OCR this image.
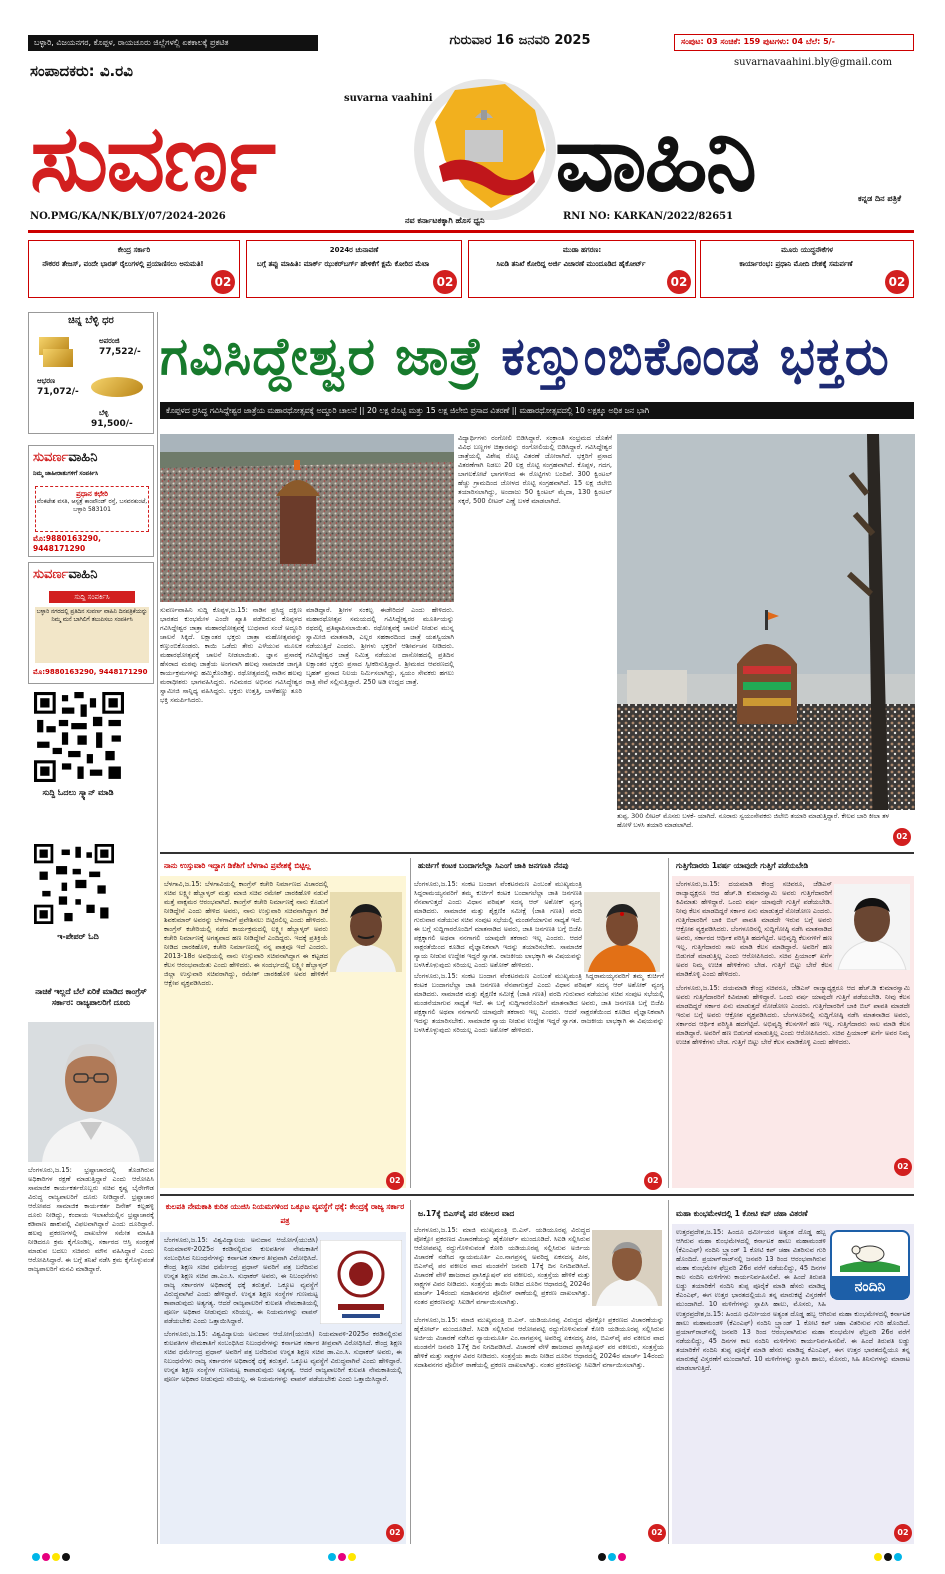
ಬಳ್ಳಾರಿ, ವಿಜಯನಗರ, ಕೊಪ್ಪಳ, ರಾಯಚೂರು ಜಿಲ್ಲೆಗಳಲ್ಲಿ ಏಕಕಾಲಕ್ಕೆ ಪ್ರಕಟಿತ	ಗುರುವಾರ 16 ಜನವರಿ 2025	ಸಂಪುಟ: 03 ಸಂಚಿಕೆ: 159 ಪುಟಗಳು: 04 ಬೆಲೆ: 5/-
suvarnavaahini.bly@gmail.com
ಸಂಪಾದಕರು: ವಿ.ರವಿ
suvarna vaahini
ಸುವರ್ಣ	ವಾಹಿನಿ	ಕನ್ನಡ ದಿನ ಪತ್ರಿಕೆ
NO.PMG/KA/NK/BLY/07/2024-2026	ನವ ಕರ್ನಾಟಕಕ್ಕಾಗಿ ಹೊಸ ಧ್ವನಿ	RNI NO: KARKAN/2022/82651
ಕೇಂದ್ರ ಸರ್ಕಾರಿ
ನೌಕರರ ತೇಜಸ್, ವಂದೇ ಭಾರತ್ ರೈಲುಗಳಲ್ಲಿ ಪ್ರಯಾಣಿಸಲು ಅನುಮತಿ!
02
2024ರ ಚುನಾವಣೆ
ಬಗ್ಗೆ ತಪ್ಪು ಮಾಹಿತಿ: ಮಾರ್ಕ್ ಝುಕರ್‌ಬರ್ಗ್ ಹೇಳಿಕೆಗೆ ಕ್ಷಮೆ ಕೋರಿದ ಮೆಟಾ
02
ಮುಡಾ ಹಗರಣ:
ಸಿಐಡಿ ತನಿಖೆ ಕೋರಿದ್ದ ಅರ್ಜಿ ವಿಚಾರಣೆ ಮುಂದೂಡಿದ ಹೈಕೋರ್ಟ್
02
ಮೂರು ಯುದ್ಧನೌಕೆಗಳ
ಕಾರ್ಯಾರಂಭ: ಪ್ರಧಾನಿ ಮೋದಿ ದೇಶಕ್ಕೆ ಸಮರ್ಪಣೆ
02
ಚಿನ್ನ ಬೆಳ್ಳಿ ಧರ
ಅಪರಂಜಿ
77,522/-
ಆಭರಣ
71,072/-
ಬೆಳ್ಳಿ
91,500/-
ಸುವರ್ಣವಾಹಿನಿ
ನಿಮ್ಮ ಜಾಹೀರಾತುಗಳಿಗೆ ಸಂಪರ್ಕಿಸಿ
ಪ್ರಧಾನ ಕಛೇರಿ
ವೆಂಕಟೇಶ ವಸತಿ, ಆಸ್ಪತ್ರೆ ಕಾಂಪೌಂಡ್ ರಸ್ತೆ, ಬಸವನಕುಂಟೆ, ಬಳ್ಳಾರಿ 583101
ಮೊ:9880163290, 9448171290
ಸುವರ್ಣವಾಹಿನಿ
ಸುದ್ದಿ ಸಂಪರ್ಕಿಸಿ
ಬಳ್ಳಾರಿ ನಗರದಲ್ಲಿ ಪ್ರತಿದಿನ ಸುವರ್ಣ ವಾಹಿನಿ ದಿನಪತ್ರಿಕೆಯನ್ನು ನಿಮ್ಮ ಮನೆ ಬಾಗಿಲಿಗೆ ತಲುಪಿಸಲು ಸಂಪರ್ಕಿಸಿ
ಮೊ:9880163290, 9448171290
ಸುದ್ದಿ ಓದಲು ಸ್ಕ್ಯಾನ್ ಮಾಡಿ
ಇ-ಪೇಪರ್ ಓದಿ
ನಾಚಿಕೆ ಇಲ್ಲದೆ ಬೆಲೆ ಏರಿಕೆ ಮಾಡಿದ ಕಾಂಗ್ರೆಸ್ ಸರ್ಕಾರ: ರಾಜ್ಯಪಾಲರಿಗೆ ದೂರು
ಬೆಂಗಳೂರು,ಜ.15: ಭ್ರಷ್ಟಾಚಾರದಲ್ಲಿ ತೊಡಗಿರುವ ಅಧಿಕಾರಿಗಳ ರಕ್ಷಣೆ ಮಾಡುತ್ತಿದ್ದಾರೆ ಎಂದು ಆರೋಪಿಸಿ ಸಾಮಾಜಿಕ ಕಾರ್ಯಕರ್ತರೊಬ್ಬರು ಸಚಿವ ಕೃಷ್ಣ ಬೈರೇಗೌಡ ವಿರುದ್ಧ ರಾಜ್ಯಪಾಲರಿಗೆ ದೂರು ನೀಡಿದ್ದಾರೆ. ಭ್ರಷ್ಟಾಚಾರ ಆರೋಪದ ಸಾಮಾಜಿಕ ಕಾರ್ಯಕರ್ತ ದಿನೇಶ್ ಕಲ್ಲಹಳ್ಳಿ ದೂರು ನೀಡಿದ್ದು, ಕಂದಾಯ ಇಲಾಖೆಯಲ್ಲಿನ ಭ್ರಷ್ಟಾಚಾರಕ್ಕೆ ಕಡಿವಾಣ ಹಾಕುವಲ್ಲಿ ವಿಫಲವಾಗಿದ್ದಾರೆ ಎಂದು ದೂರಿದ್ದಾರೆ. ಹಲವು ಪ್ರಕರಣಗಳಲ್ಲಿ ದಾಖಲೆಗಳ ಸಮೇತ ಮಾಹಿತಿ ನೀಡಿದರೂ ಕ್ರಮ ಕೈಗೊಂಡಿಲ್ಲ. ಸರ್ಕಾರದ ಆಸ್ತಿ ಸಂರಕ್ಷಣೆ ಮಾಡುವ ಬದಲು ಸಚಿವರು ಮೌನ ವಹಿಸಿದ್ದಾರೆ ಎಂದು ಆರೋಪಿಸಿದ್ದಾರೆ. ಈ ಬಗ್ಗೆ ತನಿಖೆ ನಡೆಸಿ ಕ್ರಮ ಕೈಗೊಳ್ಳುವಂತೆ ರಾಜ್ಯಪಾಲರಿಗೆ ಮನವಿ ಮಾಡಿದ್ದಾರೆ.
ಗವಿಸಿದ್ದೇಶ್ವರ ಜಾತ್ರೆ ಕಣ್ತುಂಬಿಕೊಂಡ ಭಕ್ತರು
ಕೊಪ್ಪಳದ ಪ್ರಸಿದ್ಧ ಗವಿಸಿದ್ದೇಶ್ವರ ಜಾತ್ರೆಯ ಮಹಾರಥೋತ್ಸವಕ್ಕೆ ಅದ್ದೂರಿ ಚಾಲನೆ || 20 ಲಕ್ಷ ರೊಟ್ಟಿ ಮತ್ತು 15 ಲಕ್ಷ ಜಿಲೇಬಿ ಪ್ರಸಾದ ವಿತರಣೆ || ಮಹಾರಥೋತ್ಸವದಲ್ಲಿ 10 ಲಕ್ಷಕ್ಕೂ ಅಧಿಕ ಜನ ಭಾಗಿ
ಸುವರ್ಣವಾಹಿನಿ ಸುದ್ದಿ ಕೊಪ್ಪಳ,ಜ.15: ನಾಡಿನ ಪ್ರಸಿದ್ಧ ದಕ್ಷಿಣ ಭಾರತದ ಕುಂಭಮೇಳ ಎಂದೇ ಖ್ಯಾತಿ ಪಡೆದಿರುವ ಕೊಪ್ಪಳದ ಗವಿಸಿದ್ದೇಶ್ವರ ಜಾತ್ರಾ ಮಹಾರಥೋತ್ಸವಕ್ಕೆ ಬುಧವಾರ ಸಂಜೆ ಅದ್ದೂರಿ ಚಾಲನೆ ಸಿಕ್ಕಿದೆ. ಲಕ್ಷಾಂತರ ಭಕ್ತರು ಜಾತ್ರಾ ಮಹೋತ್ಸವವನ್ನು ಕಣ್ತುಂಬಿಕೊಂಡರು. ಕಾಯಿ ಒಡೆದು ತೇರು ಎಳೆಯುವ ಮೂಲಕ ಮಹಾರಥೋತ್ಸವಕ್ಕೆ ಚಾಲನೆ ನೀಡಲಾಯಿತು. ಜ್ಞಾನ ಪ್ರಸಾರಕ್ಕೆ ಹೆಸರಾದ ಮಠವು ಜಾತ್ರೆಯ ಅಂಗವಾಗಿ ಹಲವು ಸಾಮಾಜಿಕ ಜಾಗೃತಿ ಕಾರ್ಯಕ್ರಮಗಳನ್ನು ಹಮ್ಮಿಕೊಂಡಿತ್ತು. ರಥೋತ್ಸವದಲ್ಲಿ ನಾಡಿನ ಹಲವು ಮಠಾಧೀಶರು ಭಾಗವಹಿಸಿದ್ದರು. ಗವಿಮಠದ ಅಭಿನವ ಗವಿಸಿದ್ಧೇಶ್ವರ ಸ್ವಾಮೀಜಿ ಸಾನ್ನಿಧ್ಯ ವಹಿಸಿದ್ದರು. ಭಕ್ತರು ಉತ್ತತ್ತಿ, ಬಾಳೆಹಣ್ಣು ತೂರಿ ಭಕ್ತಿ ಸಮರ್ಪಿಸಿದರು.
ಮಾಡಿದ್ದಾರೆ. ಶ್ರೀಗಳ ಸಂಕಲ್ಪ ಈಡೇರಿದರೆ ಎಂದು ಹೇಳಿದರು. ಮಹಾರಥೋತ್ಸವ ಸಮಯದಲ್ಲಿ ಗವಿಸಿದ್ದೇಶ್ವರರ ಮೂರ್ತಿಯನ್ನು ರಥದಲ್ಲಿ ಪ್ರತಿಷ್ಠಾಪಿಸಲಾಯಿತು. ರಥೋತ್ಸವಕ್ಕೆ ಚಾಲನೆ ನೀಡುವ ಮುನ್ನ ಸ್ವಾಮೀಜಿ ಮಾತನಾಡಿ, ಎಲ್ಲರ ಸಹಕಾರದಿಂದ ಜಾತ್ರೆ ಯಶಸ್ವಿಯಾಗಿ ನಡೆಯುತ್ತಿದೆ ಎಂದರು. ಶ್ರೀಗಳು ಭಕ್ತರಿಗೆ ಆಶೀರ್ವಚನ ನೀಡಿದರು. ಗವಿಸಿದ್ದೇಶ್ವರ ಜಾತ್ರೆ ನಿಮಿತ್ತ ನಡೆಯುವ ದಾಸೋಹದಲ್ಲಿ ಪ್ರತಿದಿನ ಲಕ್ಷಾಂತರ ಭಕ್ತರು ಪ್ರಸಾದ ಸ್ವೀಕರಿಸುತ್ತಿದ್ದಾರೆ. ಶ್ರೀಮಠದ ಆವರಣದಲ್ಲಿ ಬೃಹತ್ ಪ್ರಸಾದ ನಿಲಯ ನಿರ್ಮಿಸಲಾಗಿದ್ದು, ಸ್ವಯಂ ಸೇವಕರು ಹಗಲು ರಾತ್ರಿ ಸೇವೆ ಸಲ್ಲಿಸುತ್ತಿದ್ದಾರೆ. 250 ಅಡಿ ಉದ್ದದ ಜಾತ್ರೆ.
ವಿದ್ಯಾರ್ಥಿಗಳು ರಂಗೋಲಿ ಬಿಡಿಸಿದ್ದಾರೆ. ಸಂಕ್ರಾಂತಿ ಸಂಭ್ರಮದ ಜೊತೆಗೆ ವಿವಿಧ ಬಣ್ಣಗಳ ಚಿತ್ತಾರವನ್ನು ರಂಗೋಲಿಯಲ್ಲಿ ಬಿಡಿಸಿದ್ದಾರೆ. ಗವಿಸಿದ್ದೇಶ್ವರ ಜಾತ್ರೆಯಲ್ಲಿ ವಿಶೇಷ ರೊಟ್ಟಿ ವಿತರಣೆ ಜೋರಾಗಿದೆ. ಭಕ್ತರಿಗೆ ಪ್ರಸಾದ ವಿತರಣೆಗಾಗಿ ನಿಡಲು 20 ಲಕ್ಷ ರೊಟ್ಟಿ ಸಂಗ್ರಹವಾಗಿದೆ. ಕೊಪ್ಪಳ, ಗದಗ, ಬಾಗಲಕೋಟೆ ಭಾಗಗಳಿಂದ ಈ ರೊಟ್ಟಿಗಳು ಬಂದಿವೆ. 300 ಕ್ವಿಂಟಲ್ ಹೆಚ್ಚು ಗ್ರಾಮದಿಂದ ಜೋಳದ ರೊಟ್ಟಿ ಸಂಗ್ರಹವಾಗಿದೆ. 15 ಲಕ್ಷ ಜಿಲೇಬಿ ತಯಾರಿಸಲಾಗಿದ್ದು, ಅಂದಾಜು 50 ಕ್ವಿಂಟಲ್ ಮೈದಾ, 130 ಕ್ವಿಂಟಲ್ ಸಕ್ಕರೆ, 500 ಲೀಟರ್ ಎಣ್ಣೆ ಬಳಕೆ ಮಾಡಲಾಗಿದೆ.
ತುಪ್ಪ, 300 ಲೀಟರ್ ಮೊಸರು ಬಳಕೆ- ಯಾಗಿದೆ. ನೂರಾರು ಸ್ವಯಂಸೇವಕರು ಜಿಲೇಬಿ ತಯಾರಿ ಮಾಡುತ್ತಿದ್ದಾರೆ. ಕೇಲವ ಬಾರಿ ಕೀಲಾ ತಳ ಹೋಳೆ ಬಳಸಿ ತಯಾರಿ ಮಾಡಲಾಗಿದೆ.
02
ನಾನು ಉಸ್ತುವಾರಿ ಇದ್ದಾಗ ಡಿಕೆಶಿಗೆ ಬೆಳಗಾವಿ ಪ್ರವೇಶಕ್ಕೆ ಬಿಟ್ಟಿಲ್ಲ
ಬೆಳಗಾವಿ,ಜ.15: ಬೆಳಗಾವಿಯಲ್ಲಿ ಕಾಂಗ್ರೆಸ್ ಕಚೇರಿ ನಿರ್ಮಾಣದ ವಿಚಾರದಲ್ಲಿ ಸಚಿವ ಲಕ್ಷ್ಮೀ ಹೆಬ್ಬಾಳ್ಕರ್ ಮತ್ತು ಮಾಜಿ ಸಚಿವ ರಮೇಶ್ ಜಾರಕಿಹೊಳಿ ನಡುವೆ ಮತ್ತೆ ವಾಕ್ಸಮರ ಆರಂಭವಾಗಿದೆ. ಕಾಂಗ್ರೆಸ್ ಕಚೇರಿ ನಿರ್ಮಾಣಕ್ಕೆ ನಾನು ಕೊಡುಗೆ ನೀಡಿದ್ದೇನೆ ಎಂದು ಹೇಳಿದ ಅವರು, ನಾನು ಉಸ್ತುವಾರಿ ಸಚಿವನಾಗಿದ್ದಾಗ ಡಿಕೆ ಶಿವಕುಮಾರ್ ಅವರನ್ನು ಬೆಳಗಾವಿಗೆ ಪ್ರವೇಶಿಸಲು ಬಿಟ್ಟಿರಲಿಲ್ಲ ಎಂದು ಹೇಳಿದರು. ಕಾಂಗ್ರೆಸ್ ಕಚೇರಿಯಲ್ಲಿ ನಡೆದ ಕಾರ್ಯಕ್ರಮದಲ್ಲಿ ಲಕ್ಷ್ಮೀ ಹೆಬ್ಬಾಳ್ಕರ್ ಅವರು ಕಚೇರಿ ನಿರ್ಮಾಣಕ್ಕೆ ಅಗತ್ಯವಾದ ಹಣ ನೀಡಿದ್ದೇವೆ ಎಂದಿದ್ದರು. ಇದಕ್ಕೆ ಪ್ರತಿಕ್ರಿಯೆ ನೀಡಿದ ಜಾರಕಿಹೊಳಿ, ಕಚೇರಿ ನಿರ್ಮಾಣದಲ್ಲಿ ನನ್ನ ಪಾತ್ರವೂ ಇದೆ ಎಂದರು. 2013-18ರ ಅವಧಿಯಲ್ಲಿ ನಾನು ಉಸ್ತುವಾರಿ ಸಚಿವನಾಗಿದ್ದಾಗ ಈ ಕಟ್ಟಡದ ಕೆಲಸ ಆರಂಭವಾಯಿತು ಎಂದು ಹೇಳಿದರು. ಈ ಸಂದರ್ಭದಲ್ಲಿ ಲಕ್ಷ್ಮೀ ಹೆಬ್ಬಾಳ್ಕರ್ ಜಿಲ್ಲಾ ಉಸ್ತುವಾರಿ ಸಚಿವರಾಗಿದ್ದು, ರಮೇಶ್ ಜಾರಕಿಹೊಳಿ ಅವರ ಹೇಳಿಕೆಗೆ ಆಕ್ಷೇಪ ವ್ಯಕ್ತಪಡಿಸಿದರು.
02
ಹುರ್ಚಿಗೆ ಕಂಟಕ ಬಂದಾಗಲೆಲ್ಲಾ ಸಿಎಂಗೆ ಜಾತಿ ಜನಗಣತಿ ನೆನಪು
ಬೆಂಗಳೂರು,ಜ.15: ಸಂಕಟ ಬಂದಾಗ ವೆಂಕಟರಮಣ ಎಂಬಂತೆ ಮುಖ್ಯಮಂತ್ರಿ ಸಿದ್ದರಾಮಯ್ಯನವರಿಗೆ ತಮ್ಮ ಕುರ್ಚಿಗೆ ಕಂಟಕ ಬಂದಾಗಲೆಲ್ಲಾ ಜಾತಿ ಜನಗಣತಿ ನೆನಪಾಗುತ್ತದೆ ಎಂದು ವಿಧಾನ ಪರಿಷತ್ ಸದಸ್ಯ ಆರ್ ಅಶೋಕ್ ವ್ಯಂಗ್ಯ ಮಾಡಿದರು. ಸಾಮಾಜಿಕ ಮತ್ತು ಶೈಕ್ಷಣಿಕ ಸಮೀಕ್ಷೆ (ಜಾತಿ ಗಣತಿ) ವರದಿ ಗುರುವಾರ ನಡೆಯುವ ಸಚಿವ ಸಂಪುಟ ಸಭೆಯಲ್ಲಿ ಮಂಡನೆಯಾಗುವ ಸಾಧ್ಯತೆ ಇದೆ. ಈ ಬಗ್ಗೆ ಸುದ್ದಿಗಾರರೊಂದಿಗೆ ಮಾತನಾಡಿದ ಅವರು, ಜಾತಿ ಜನಗಣತಿ ಬಗ್ಗೆ ಬಿಜೆಪಿ ಪಕ್ಷಕ್ಕಾಗಲಿ ಅಥವಾ ನನಗಾಗಲಿ ಯಾವುದೇ ತಕರಾರು ಇಲ್ಲ ಎಂದರು. ಆದರೆ ಸಾಕ್ಷರತೆಯಿಂದ ಕೂಡಿದ ವೈಜ್ಞಾನಿಕವಾಗಿ ಇದನ್ನು ತಯಾರಿಸಬೇಕು. ಸಾಮಾಜಿಕ ನ್ಯಾಯ ನೀಡುವ ಉದ್ದೇಶ ಇದ್ದರೆ ಸ್ವಾಗತ. ರಾಜಕೀಯ ಲಾಭಕ್ಕಾಗಿ ಈ ವಿಷಯವನ್ನು ಬಳಸಿಕೊಳ್ಳುವುದು ಸರಿಯಲ್ಲ ಎಂದು ಅಶೋಕ್ ಹೇಳಿದರು.
ಬೆಂಗಳೂರು,ಜ.15: ಸಂಕಟ ಬಂದಾಗ ವೆಂಕಟರಮಣ ಎಂಬಂತೆ ಮುಖ್ಯಮಂತ್ರಿ ಸಿದ್ದರಾಮಯ್ಯನವರಿಗೆ ತಮ್ಮ ಕುರ್ಚಿಗೆ ಕಂಟಕ ಬಂದಾಗಲೆಲ್ಲಾ ಜಾತಿ ಜನಗಣತಿ ನೆನಪಾಗುತ್ತದೆ ಎಂದು ವಿಧಾನ ಪರಿಷತ್ ಸದಸ್ಯ ಆರ್ ಅಶೋಕ್ ವ್ಯಂಗ್ಯ ಮಾಡಿದರು. ಸಾಮಾಜಿಕ ಮತ್ತು ಶೈಕ್ಷಣಿಕ ಸಮೀಕ್ಷೆ (ಜಾತಿ ಗಣತಿ) ವರದಿ ಗುರುವಾರ ನಡೆಯುವ ಸಚಿವ ಸಂಪುಟ ಸಭೆಯಲ್ಲಿ ಮಂಡನೆಯಾಗುವ ಸಾಧ್ಯತೆ ಇದೆ. ಈ ಬಗ್ಗೆ ಸುದ್ದಿಗಾರರೊಂದಿಗೆ ಮಾತನಾಡಿದ ಅವರು, ಜಾತಿ ಜನಗಣತಿ ಬಗ್ಗೆ ಬಿಜೆಪಿ ಪಕ್ಷಕ್ಕಾಗಲಿ ಅಥವಾ ನನಗಾಗಲಿ ಯಾವುದೇ ತಕರಾರು ಇಲ್ಲ ಎಂದರು. ಆದರೆ ಸಾಕ್ಷರತೆಯಿಂದ ಕೂಡಿದ ವೈಜ್ಞಾನಿಕವಾಗಿ ಇದನ್ನು ತಯಾರಿಸಬೇಕು. ಸಾಮಾಜಿಕ ನ್ಯಾಯ ನೀಡುವ ಉದ್ದೇಶ ಇದ್ದರೆ ಸ್ವಾಗತ. ರಾಜಕೀಯ ಲಾಭಕ್ಕಾಗಿ ಈ ವಿಷಯವನ್ನು ಬಳಸಿಕೊಳ್ಳುವುದು ಸರಿಯಲ್ಲ ಎಂದು ಅಶೋಕ್ ಹೇಳಿದರು.
02
ಗುತ್ತಿಗೆದಾರರು 1ವರ್ಷ ಯಾವುದೇ ಗುತ್ತಿಗೆ ಪಡೆಯಬೇಡಿ
ಬೆಂಗಳೂರು,ಜ.15: ದಯಮಾಡಿ ಕೇಂದ್ರ ಸಚಿವರೂ, ಜೆಡಿಎಸ್ ರಾಜ್ಯಾಧ್ಯಕ್ಷರೂ ಆದ ಹೆಚ್.ಡಿ ಕುಮಾರಸ್ವಾಮಿ ಅವರು ಗುತ್ತಿಗೆದಾರರಿಗೆ ಕಿವಿಮಾತು ಹೇಳಿದ್ದಾರೆ. ಒಂದು ವರ್ಷ ಯಾವುದೇ ಗುತ್ತಿಗೆ ಪಡೆಯಬೇಡಿ. ನೀವು ಕೆಲಸ ಮಾಡದಿದ್ದರೆ ಸರ್ಕಾರ ಏನು ಮಾಡುತ್ತದೆ ನೋಡೋಣ ಎಂದರು. ಗುತ್ತಿಗೆದಾರರಿಗೆ ಬಾಕಿ ಬಿಲ್ ಪಾವತಿ ಮಾಡದೇ ಇರುವ ಬಗ್ಗೆ ಅವರು ಆಕ್ರೋಶ ವ್ಯಕ್ತಪಡಿಸಿದರು. ಬೆಂಗಳೂರಿನಲ್ಲಿ ಸುದ್ದಿಗೋಷ್ಠಿ ನಡೆಸಿ ಮಾತನಾಡಿದ ಅವರು, ಸರ್ಕಾರದ ಆರ್ಥಿಕ ಪರಿಸ್ಥಿತಿ ಹದಗೆಟ್ಟಿದೆ. ಅಭಿವೃದ್ಧಿ ಕೆಲಸಗಳಿಗೆ ಹಣ ಇಲ್ಲ. ಗುತ್ತಿಗೆದಾರರು ಸಾಲ ಮಾಡಿ ಕೆಲಸ ಮಾಡಿದ್ದಾರೆ. ಅವರಿಗೆ ಹಣ ಬಿಡುಗಡೆ ಮಾಡುತ್ತಿಲ್ಲ ಎಂದು ಆರೋಪಿಸಿದರು. ಸಚಿವ ಪ್ರಿಯಾಂಕ್ ಖರ್ಗೆ ಅವರ ನಿಮ್ಮ ಉಚಿತ ಹೇಳಿಕೆಗಳು ಬೇಡ. ಗುತ್ತಿಗೆ ಬಿಟ್ಟು ಬೇರೆ ಕೆಲಸ ಮಾಡಿಕೊಳ್ಳಿ ಎಂದು ಹೇಳಿದರು.
ಬೆಂಗಳೂರು,ಜ.15: ದಯಮಾಡಿ ಕೇಂದ್ರ ಸಚಿವರೂ, ಜೆಡಿಎಸ್ ರಾಜ್ಯಾಧ್ಯಕ್ಷರೂ ಆದ ಹೆಚ್.ಡಿ ಕುಮಾರಸ್ವಾಮಿ ಅವರು ಗುತ್ತಿಗೆದಾರರಿಗೆ ಕಿವಿಮಾತು ಹೇಳಿದ್ದಾರೆ. ಒಂದು ವರ್ಷ ಯಾವುದೇ ಗುತ್ತಿಗೆ ಪಡೆಯಬೇಡಿ. ನೀವು ಕೆಲಸ ಮಾಡದಿದ್ದರೆ ಸರ್ಕಾರ ಏನು ಮಾಡುತ್ತದೆ ನೋಡೋಣ ಎಂದರು. ಗುತ್ತಿಗೆದಾರರಿಗೆ ಬಾಕಿ ಬಿಲ್ ಪಾವತಿ ಮಾಡದೇ ಇರುವ ಬಗ್ಗೆ ಅವರು ಆಕ್ರೋಶ ವ್ಯಕ್ತಪಡಿಸಿದರು. ಬೆಂಗಳೂರಿನಲ್ಲಿ ಸುದ್ದಿಗೋಷ್ಠಿ ನಡೆಸಿ ಮಾತನಾಡಿದ ಅವರು, ಸರ್ಕಾರದ ಆರ್ಥಿಕ ಪರಿಸ್ಥಿತಿ ಹದಗೆಟ್ಟಿದೆ. ಅಭಿವೃದ್ಧಿ ಕೆಲಸಗಳಿಗೆ ಹಣ ಇಲ್ಲ. ಗುತ್ತಿಗೆದಾರರು ಸಾಲ ಮಾಡಿ ಕೆಲಸ ಮಾಡಿದ್ದಾರೆ. ಅವರಿಗೆ ಹಣ ಬಿಡುಗಡೆ ಮಾಡುತ್ತಿಲ್ಲ ಎಂದು ಆರೋಪಿಸಿದರು. ಸಚಿವ ಪ್ರಿಯಾಂಕ್ ಖರ್ಗೆ ಅವರ ನಿಮ್ಮ ಉಚಿತ ಹೇಳಿಕೆಗಳು ಬೇಡ. ಗುತ್ತಿಗೆ ಬಿಟ್ಟು ಬೇರೆ ಕೆಲಸ ಮಾಡಿಕೊಳ್ಳಿ ಎಂದು ಹೇಳಿದರು.
02
ಕುಲಪತಿ ನೇಮಕಾತಿ ಕುರಿತ ಯುಜಿಸಿ ನಿಯಮಗಳಿಂದ ಒಕ್ಕೂಟ ವ್ಯವಸ್ಥೆಗೆ ಧಕ್ಕೆ: ಕೇಂದ್ರಕ್ಕೆ ರಾಜ್ಯ ಸರ್ಕಾರ ಪತ್ರ
ಬೆಂಗಳೂರು,ಜ.15: ವಿಶ್ವವಿದ್ಯಾಲಯ ಅನುದಾನ ಆಯೋಗ(ಯುಜಿಸಿ) ನಿಯಮಾವಳಿ-2025ರ ಕರಡಿನಲ್ಲಿರುವ ಕುಲಪತಿಗಳ ನೇಮಕಾತಿಗೆ ಸಂಬಂಧಿಸಿದ ನಿಬಂಧನೆಗಳನ್ನು ಕರ್ನಾಟಕ ಸರ್ಕಾರ ತೀವ್ರವಾಗಿ ವಿರೋಧಿಸಿದೆ. ಕೇಂದ್ರ ಶಿಕ್ಷಣ ಸಚಿವ ಧರ್ಮೇಂದ್ರ ಪ್ರಧಾನ್ ಅವರಿಗೆ ಪತ್ರ ಬರೆದಿರುವ ಉನ್ನತ ಶಿಕ್ಷಣ ಸಚಿವ ಡಾ.ಎಂ.ಸಿ. ಸುಧಾಕರ್ ಅವರು, ಈ ನಿಬಂಧನೆಗಳು ರಾಜ್ಯ ಸರ್ಕಾರಗಳ ಅಧಿಕಾರಕ್ಕೆ ಧಕ್ಕೆ ತರುತ್ತವೆ. ಒಕ್ಕೂಟ ವ್ಯವಸ್ಥೆಗೆ ವಿರುದ್ಧವಾಗಿವೆ ಎಂದು ಹೇಳಿದ್ದಾರೆ. ಉನ್ನತ ಶಿಕ್ಷಣ ಸಂಸ್ಥೆಗಳ ಗುಣಮಟ್ಟ ಕಾಪಾಡುವುದು ಅತ್ಯಗತ್ಯ. ಆದರೆ ರಾಜ್ಯಪಾಲರಿಗೆ ಕುಲಪತಿ ನೇಮಕಾತಿಯಲ್ಲಿ ಪೂರ್ಣ ಅಧಿಕಾರ ನೀಡುವುದು ಸರಿಯಲ್ಲ. ಈ ನಿಯಮಗಳನ್ನು ವಾಪಸ್ ಪಡೆಯಬೇಕು ಎಂದು ಒತ್ತಾಯಿಸಿದ್ದಾರೆ.
ಬೆಂಗಳೂರು,ಜ.15: ವಿಶ್ವವಿದ್ಯಾಲಯ ಅನುದಾನ ಆಯೋಗ(ಯುಜಿಸಿ) ನಿಯಮಾವಳಿ-2025ರ ಕರಡಿನಲ್ಲಿರುವ ಕುಲಪತಿಗಳ ನೇಮಕಾತಿಗೆ ಸಂಬಂಧಿಸಿದ ನಿಬಂಧನೆಗಳನ್ನು ಕರ್ನಾಟಕ ಸರ್ಕಾರ ತೀವ್ರವಾಗಿ ವಿರೋಧಿಸಿದೆ. ಕೇಂದ್ರ ಶಿಕ್ಷಣ ಸಚಿವ ಧರ್ಮೇಂದ್ರ ಪ್ರಧಾನ್ ಅವರಿಗೆ ಪತ್ರ ಬರೆದಿರುವ ಉನ್ನತ ಶಿಕ್ಷಣ ಸಚಿವ ಡಾ.ಎಂ.ಸಿ. ಸುಧಾಕರ್ ಅವರು, ಈ ನಿಬಂಧನೆಗಳು ರಾಜ್ಯ ಸರ್ಕಾರಗಳ ಅಧಿಕಾರಕ್ಕೆ ಧಕ್ಕೆ ತರುತ್ತವೆ. ಒಕ್ಕೂಟ ವ್ಯವಸ್ಥೆಗೆ ವಿರುದ್ಧವಾಗಿವೆ ಎಂದು ಹೇಳಿದ್ದಾರೆ. ಉನ್ನತ ಶಿಕ್ಷಣ ಸಂಸ್ಥೆಗಳ ಗುಣಮಟ್ಟ ಕಾಪಾಡುವುದು ಅತ್ಯಗತ್ಯ. ಆದರೆ ರಾಜ್ಯಪಾಲರಿಗೆ ಕುಲಪತಿ ನೇಮಕಾತಿಯಲ್ಲಿ ಪೂರ್ಣ ಅಧಿಕಾರ ನೀಡುವುದು ಸರಿಯಲ್ಲ. ಈ ನಿಯಮಗಳನ್ನು ವಾಪಸ್ ಪಡೆಯಬೇಕು ಎಂದು ಒತ್ತಾಯಿಸಿದ್ದಾರೆ.
02
ಜ.17ಕ್ಕೆ ಬಿಎಸ್‌ವೈ ಪರ ವಕೀಲರ ವಾದ
ಬೆಂಗಳೂರು,ಜ.15: ಮಾಜಿ ಮುಖ್ಯಮಂತ್ರಿ ಬಿ.ಎಸ್. ಯಡಿಯೂರಪ್ಪ ವಿರುದ್ಧದ ಪೋಕ್ಸೋ ಪ್ರಕರಣದ ವಿಚಾರಣೆಯನ್ನು ಹೈಕೋರ್ಟ್ ಮುಂದೂಡಿದೆ. ಸಿಐಡಿ ಸಲ್ಲಿಸಿರುವ ಆರೋಪಪಟ್ಟಿ ರದ್ದುಗೊಳಿಸುವಂತೆ ಕೋರಿ ಯಡಿಯೂರಪ್ಪ ಸಲ್ಲಿಸಿರುವ ಅರ್ಜಿಯ ವಿಚಾರಣೆ ನಡೆಸಿದ ನ್ಯಾಯಮೂರ್ತಿ ಎಂ.ನಾಗಪ್ರಸನ್ನ ಅವರಿದ್ದ ಏಕಸದಸ್ಯ ಪೀಠ, ಬಿಎಸ್‌ವೈ ಪರ ವಕೀಲರ ವಾದ ಮಂಡನೆಗೆ ಜನವರಿ 17ಕ್ಕೆ ದಿನ ನಿಗದಿಪಡಿಸಿದೆ. ವಿಚಾರಣೆ ವೇಳೆ ಹಾಜರಾದ ಪ್ರಾಸಿಕ್ಯೂಷನ್ ಪರ ವಕೀಲರು, ಸಂತ್ರಸ್ತೆಯ ಹೇಳಿಕೆ ಮತ್ತು ಸಾಕ್ಷ್ಯಗಳ ವಿವರ ನೀಡಿದರು. ಸಂತ್ರಸ್ತೆಯ ತಾಯಿ ನೀಡಿದ ದೂರಿನ ಆಧಾರದಲ್ಲಿ 2024ರ ಮಾರ್ಚ್ 14ರಂದು ಸದಾಶಿವನಗರ ಪೊಲೀಸ್ ಠಾಣೆಯಲ್ಲಿ ಪ್ರಕರಣ ದಾಖಲಾಗಿತ್ತು. ನಂತರ ಪ್ರಕರಣವನ್ನು ಸಿಐಡಿಗೆ ವರ್ಗಾಯಿಸಲಾಗಿತ್ತು.
ಬೆಂಗಳೂರು,ಜ.15: ಮಾಜಿ ಮುಖ್ಯಮಂತ್ರಿ ಬಿ.ಎಸ್. ಯಡಿಯೂರಪ್ಪ ವಿರುದ್ಧದ ಪೋಕ್ಸೋ ಪ್ರಕರಣದ ವಿಚಾರಣೆಯನ್ನು ಹೈಕೋರ್ಟ್ ಮುಂದೂಡಿದೆ. ಸಿಐಡಿ ಸಲ್ಲಿಸಿರುವ ಆರೋಪಪಟ್ಟಿ ರದ್ದುಗೊಳಿಸುವಂತೆ ಕೋರಿ ಯಡಿಯೂರಪ್ಪ ಸಲ್ಲಿಸಿರುವ ಅರ್ಜಿಯ ವಿಚಾರಣೆ ನಡೆಸಿದ ನ್ಯಾಯಮೂರ್ತಿ ಎಂ.ನಾಗಪ್ರಸನ್ನ ಅವರಿದ್ದ ಏಕಸದಸ್ಯ ಪೀಠ, ಬಿಎಸ್‌ವೈ ಪರ ವಕೀಲರ ವಾದ ಮಂಡನೆಗೆ ಜನವರಿ 17ಕ್ಕೆ ದಿನ ನಿಗದಿಪಡಿಸಿದೆ. ವಿಚಾರಣೆ ವೇಳೆ ಹಾಜರಾದ ಪ್ರಾಸಿಕ್ಯೂಷನ್ ಪರ ವಕೀಲರು, ಸಂತ್ರಸ್ತೆಯ ಹೇಳಿಕೆ ಮತ್ತು ಸಾಕ್ಷ್ಯಗಳ ವಿವರ ನೀಡಿದರು. ಸಂತ್ರಸ್ತೆಯ ತಾಯಿ ನೀಡಿದ ದೂರಿನ ಆಧಾರದಲ್ಲಿ 2024ರ ಮಾರ್ಚ್ 14ರಂದು ಸದಾಶಿವನಗರ ಪೊಲೀಸ್ ಠಾಣೆಯಲ್ಲಿ ಪ್ರಕರಣ ದಾಖಲಾಗಿತ್ತು. ನಂತರ ಪ್ರಕರಣವನ್ನು ಸಿಐಡಿಗೆ ವರ್ಗಾಯಿಸಲಾಗಿತ್ತು.
02
ಮಹಾ ಕುಂಭಮೇಳದಲ್ಲಿ 1 ಕೋಟಿ ಕಪ್ ಚಹಾ ವಿತರಣೆ
ನಂದಿನಿ
ಉತ್ತರಪ್ರದೇಶ,ಜ.15: ಹಿಂದೂ ಧರ್ಮೀಯರ ಅತ್ಯಂತ ದೊಡ್ಡ ಹಬ್ಬ ಆಗಿರುವ ಮಹಾ ಕುಂಭಮೇಳದಲ್ಲಿ ಕರ್ನಾಟಕ ಹಾಲು ಮಹಾಮಂಡಳಿ (ಕೆಎಂಎಫ್) ನಂದಿನಿ ಬ್ರ್ಯಾಂಡ್ 1 ಕೋಟಿ ಕಪ್ ಚಹಾ ವಿತರಿಸುವ ಗುರಿ ಹೊಂದಿದೆ. ಪ್ರಯಾಗ್‌ರಾಜ್‌ನಲ್ಲಿ ಜನವರಿ 13 ರಿಂದ ಆರಂಭವಾಗಿರುವ ಮಹಾ ಕುಂಭಮೇಳ ಫೆಬ್ರವರಿ 26ರ ವರೆಗೆ ನಡೆಯಲಿದ್ದು, 45 ದಿನಗಳ ಕಾಲ ನಂದಿನಿ ಮಳಿಗೆಗಳು ಕಾರ್ಯನಿರ್ವಹಿಸಲಿವೆ. ಈ ಹಿಂದೆ ತಿರುಪತಿ ಲಡ್ಡು ತಯಾರಿಕೆಗೆ ನಂದಿನಿ ತುಪ್ಪ ಪೂರೈಕೆ ಮಾಡಿ ಹೆಸರು ಮಾಡಿದ್ದ ಕೆಎಂಎಫ್, ಈಗ ಉತ್ತರ ಭಾರತದಲ್ಲಿಯೂ ತನ್ನ ಮಾರುಕಟ್ಟೆ ವಿಸ್ತರಣೆಗೆ ಮುಂದಾಗಿದೆ. 10 ಮಳಿಗೆಗಳನ್ನು ಸ್ಥಾಪಿಸಿ ಹಾಲು, ಮೊಸರು, ಸಿಹಿ
ಉತ್ತರಪ್ರದೇಶ,ಜ.15: ಹಿಂದೂ ಧರ್ಮೀಯರ ಅತ್ಯಂತ ದೊಡ್ಡ ಹಬ್ಬ ಆಗಿರುವ ಮಹಾ ಕುಂಭಮೇಳದಲ್ಲಿ ಕರ್ನಾಟಕ ಹಾಲು ಮಹಾಮಂಡಳಿ (ಕೆಎಂಎಫ್) ನಂದಿನಿ ಬ್ರ್ಯಾಂಡ್ 1 ಕೋಟಿ ಕಪ್ ಚಹಾ ವಿತರಿಸುವ ಗುರಿ ಹೊಂದಿದೆ. ಪ್ರಯಾಗ್‌ರಾಜ್‌ನಲ್ಲಿ ಜನವರಿ 13 ರಿಂದ ಆರಂಭವಾಗಿರುವ ಮಹಾ ಕುಂಭಮೇಳ ಫೆಬ್ರವರಿ 26ರ ವರೆಗೆ ನಡೆಯಲಿದ್ದು, 45 ದಿನಗಳ ಕಾಲ ನಂದಿನಿ ಮಳಿಗೆಗಳು ಕಾರ್ಯನಿರ್ವಹಿಸಲಿವೆ. ಈ ಹಿಂದೆ ತಿರುಪತಿ ಲಡ್ಡು ತಯಾರಿಕೆಗೆ ನಂದಿನಿ ತುಪ್ಪ ಪೂರೈಕೆ ಮಾಡಿ ಹೆಸರು ಮಾಡಿದ್ದ ಕೆಎಂಎಫ್, ಈಗ ಉತ್ತರ ಭಾರತದಲ್ಲಿಯೂ ತನ್ನ ಮಾರುಕಟ್ಟೆ ವಿಸ್ತರಣೆಗೆ ಮುಂದಾಗಿದೆ. 10 ಮಳಿಗೆಗಳನ್ನು ಸ್ಥಾಪಿಸಿ ಹಾಲು, ಮೊಸರು, ಸಿಹಿ ತಿನಿಸುಗಳನ್ನು ಮಾರಾಟ ಮಾಡಲಾಗುತ್ತಿದೆ.
02
